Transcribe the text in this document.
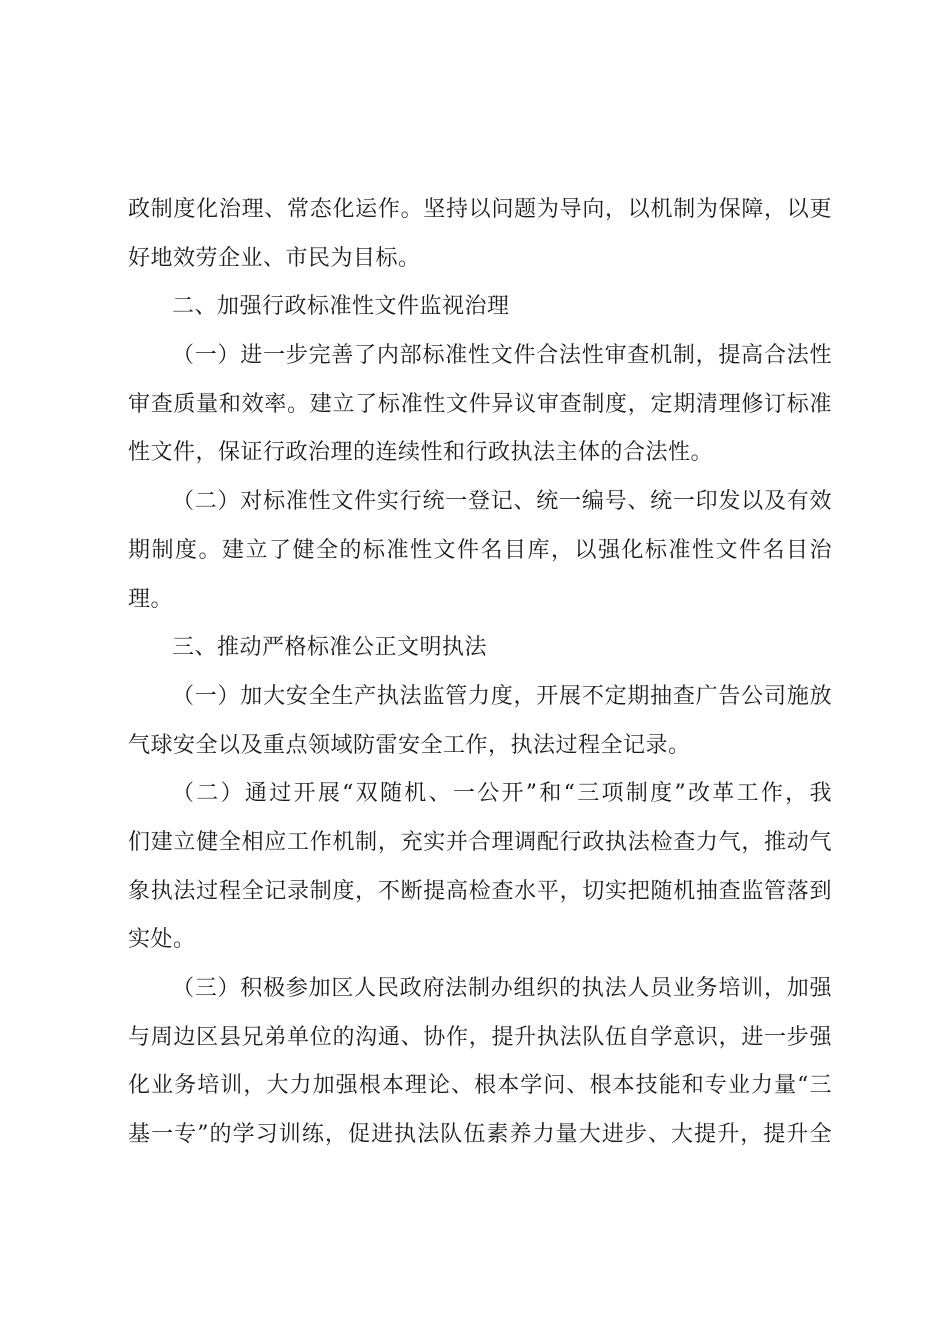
政制度化治理、常态化运作。坚持以问题为导向，以机制为保障，以更
好地效劳企业、市民为目标。
二、加强行政标准性文件监视治理
（一）进一步完善了内部标准性文件合法性审查机制，提高合法性
审查质量和效率。建立了标准性文件异议审查制度，定期清理修订标准
性文件，保证行政治理的连续性和行政执法主体的合法性。
（二）对标准性文件实行统一登记、统一编号、统一印发以及有效
期制度。建立了健全的标准性文件名目库，以强化标准性文件名目治
理。
三、推动严格标准公正文明执法
（一）加大安全生产执法监管力度，开展不定期抽查广告公司施放
气球安全以及重点领域防雷安全工作，执法过程全记录。
（二）通过开展“双随机、一公开”和“三项制度”改革工作，我
们建立健全相应工作机制，充实并合理调配行政执法检查力气，推动气
象执法过程全记录制度，不断提高检查水平，切实把随机抽查监管落到
实处。
（三）积极参加区人民政府法制办组织的执法人员业务培训，加强
与周边区县兄弟单位的沟通、协作，提升执法队伍自学意识，进一步强
化业务培训，大力加强根本理论、根本学问、根本技能和专业力量“三
基一专”的学习训练，促进执法队伍素养力量大进步、大提升，提升全
